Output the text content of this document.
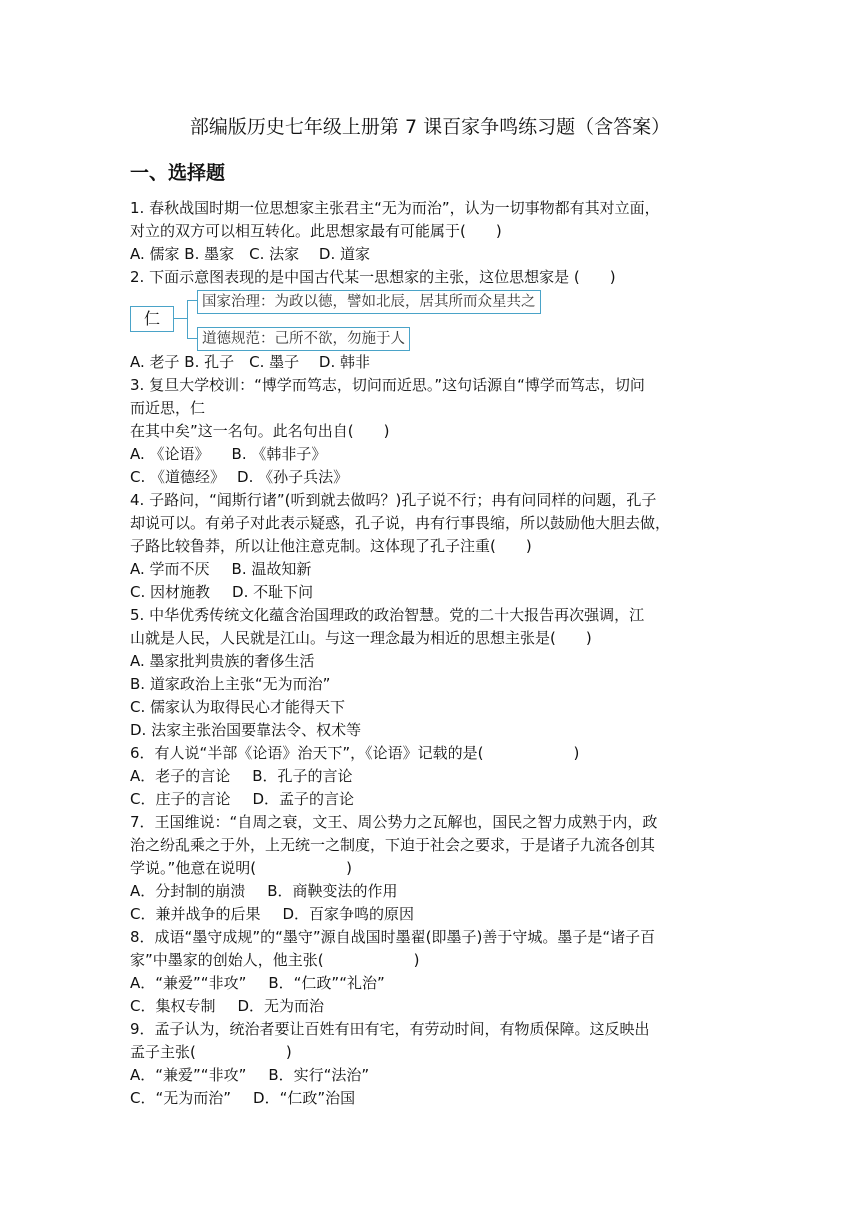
部编版历史七年级上册第 7 课百家争鸣练习题（含答案）
一、选择题
1. 春秋战国时期一位思想家主张君主“无为而治”，认为一切事物都有其对立面，
对立的双方可以相互转化。此思想家最有可能属于(　　)
A. 儒家 B. 墨家　C. 法家　 D. 道家
2. 下面示意图表现的是中国古代某一思想家的主张，这位思想家是 (　　)
仁
国家治理：为政以德，譬如北辰，居其所而众星共之
道德规范：己所不欲，勿施于人
A. 老子 B. 孔子　C. 墨子　 D. 韩非
3. 复旦大学校训：“博学而笃志，切问而近思。”这句话源自“博学而笃志，切问
而近思，仁
在其中矣”这一名句。此名句出自(　　)
A. 《论语》 B. 《韩非子》
C. 《道德经》 D. 《孙子兵法》
4. 子路问，“闻斯行诸”(听到就去做吗？)孔子说不行；冉有问同样的问题，孔子
却说可以。有弟子对此表示疑惑，孔子说，冉有行事畏缩，所以鼓励他大胆去做，
子路比较鲁莽，所以让他注意克制。这体现了孔子注重(　　)
A. 学而不厌 B. 温故知新
C. 因材施教 D. 不耻下问
5. 中华优秀传统文化蕴含治国理政的政治智慧。党的二十大报告再次强调，江
山就是人民，人民就是江山。与这一理念最为相近的思想主张是(　　)
A. 墨家批判贵族的奢侈生活
B. 道家政治上主张“无为而治”
C. 儒家认为取得民心才能得天下
D. 法家主张治国要靠法令、权术等
6．有人说“半部《论语》治天下”，《论语》记载的是(　　　　　　)
A．老子的言论 B．孔子的言论
C．庄子的言论 D．孟子的言论
7．王国维说：“自周之衰，文王、周公势力之瓦解也，国民之智力成熟于内，政
治之纷乱乘之于外，上无统一之制度，下迫于社会之要求，于是诸子九流各创其
学说。”他意在说明(　　　　　　)
A．分封制的崩溃 B．商鞅变法的作用
C．兼并战争的后果 D．百家争鸣的原因
8．成语“墨守成规”的“墨守”源自战国时墨翟(即墨子)善于守城。墨子是“诸子百
家”中墨家的创始人，他主张(　　　　　　)
A．“兼爱”“非攻” B．“仁政”“礼治”
C．集权专制 D．无为而治
9．孟子认为，统治者要让百姓有田有宅，有劳动时间，有物质保障。这反映出
孟子主张(　　　　　　)
A．“兼爱”“非攻” B．实行“法治”
C．“无为而治” D．“仁政”治国
